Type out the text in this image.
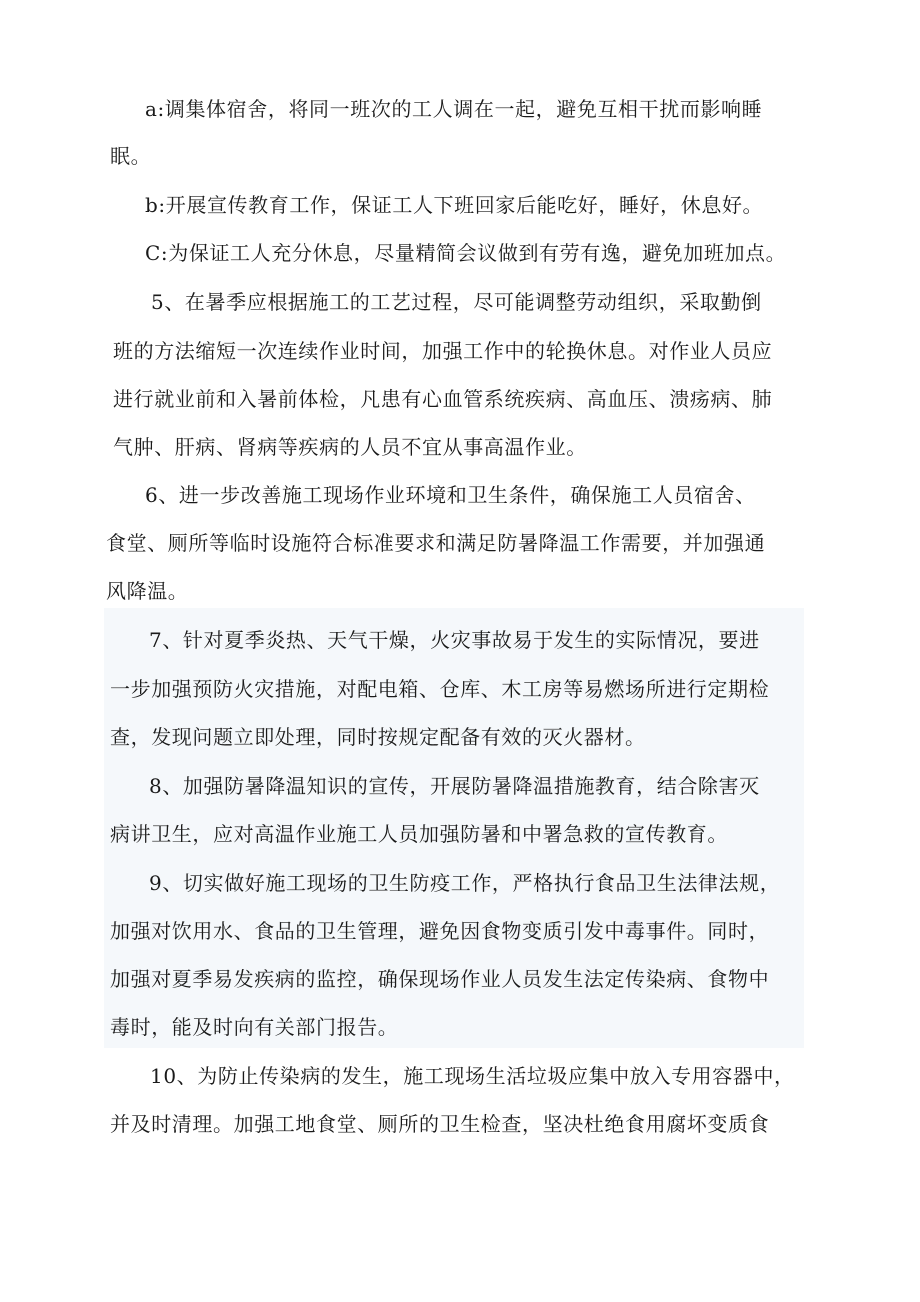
a:调集体宿舍，将同一班次的工人调在一起，避免互相干扰而影响睡
眠。
b:开展宣传教育工作，保证工人下班回家后能吃好，睡好，休息好。
C:为保证工人充分休息，尽量精简会议做到有劳有逸，避免加班加点。
5、在暑季应根据施工的工艺过程，尽可能调整劳动组织，采取勤倒
班的方法缩短一次连续作业时间，加强工作中的轮换休息。对作业人员应
进行就业前和入暑前体检，凡患有心血管系统疾病、高血压、溃疡病、肺
气肿、肝病、肾病等疾病的人员不宜从事高温作业。
6、进一步改善施工现场作业环境和卫生条件，确保施工人员宿舍、
食堂、厕所等临时设施符合标准要求和满足防暑降温工作需要，并加强通
风降温。
7、针对夏季炎热、天气干燥，火灾事故易于发生的实际情况，要进
一步加强预防火灾措施，对配电箱、仓库、木工房等易燃场所进行定期检
查，发现问题立即处理，同时按规定配备有效的灭火器材。
8、加强防暑降温知识的宣传，开展防暑降温措施教育，结合除害灭
病讲卫生，应对高温作业施工人员加强防暑和中署急救的宣传教育。
9、切实做好施工现场的卫生防疫工作，严格执行食品卫生法律法规，
加强对饮用水、食品的卫生管理，避免因食物变质引发中毒事件。同时，
加强对夏季易发疾病的监控，确保现场作业人员发生法定传染病、食物中
毒时，能及时向有关部门报告。
10、为防止传染病的发生，施工现场生活垃圾应集中放入专用容器中，
并及时清理。加强工地食堂、厕所的卫生检查，坚决杜绝食用腐坏变质食
